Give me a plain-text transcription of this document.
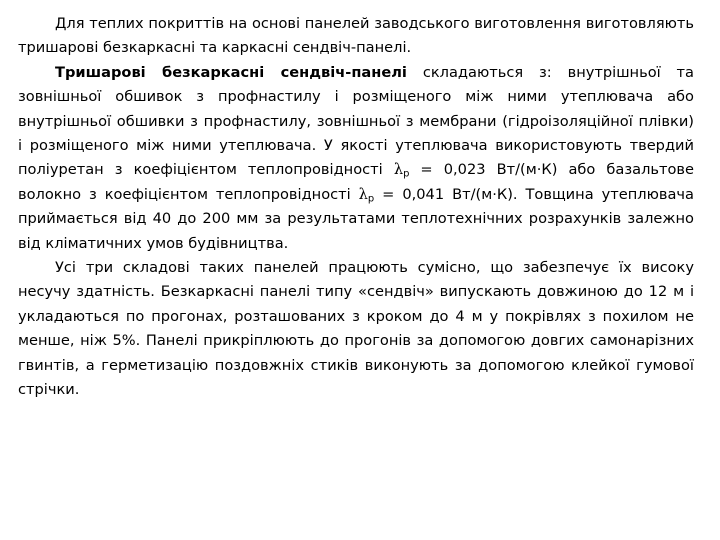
Для теплих покриттів на основі панелей заводського виготовлення виготовляють тришарові безкаркасні та каркасні сендвіч-панелі.

Тришарові безкаркасні сендвіч-панелі складаються з: внутрішньої та зовнішньої обшивок з профнастилу і розміщеного між ними утеплювача або внутрішньої обшивки з профнастилу, зовнішньої з мембрани (гідроізоляційної плівки) і розміщеного між ними утеплювача. У якості утеплювача використовують твердий поліуретан з коефіцієнтом теплопровідності $\lambda_р = 0,023$ Вт/(м·К) або базальтове волокно з коефіцієнтом теплопровідності $\lambda_р = 0,041$ Вт/(м·К). Товщина утеплювача приймається від 40 до 200 мм за результатами теплотехнічних розрахунків залежно від кліматичних умов будівництва.

Усі три складові таких панелей працюють сумісно, що забезпечує їх високу несучу здатність. Безкаркасні панелі типу «сендвіч» випускають довжиною до 12 м і укладаються по прогонах, розташованих з кроком до 4 м у покрівлях з похилом не менше, ніж 5%. Панелі прикріплюють до прогонів за допомогою довгих самонарізних гвинтів, а герметизацію поздовжніх стиків виконують за допомогою клейкої гумової стрічки.
